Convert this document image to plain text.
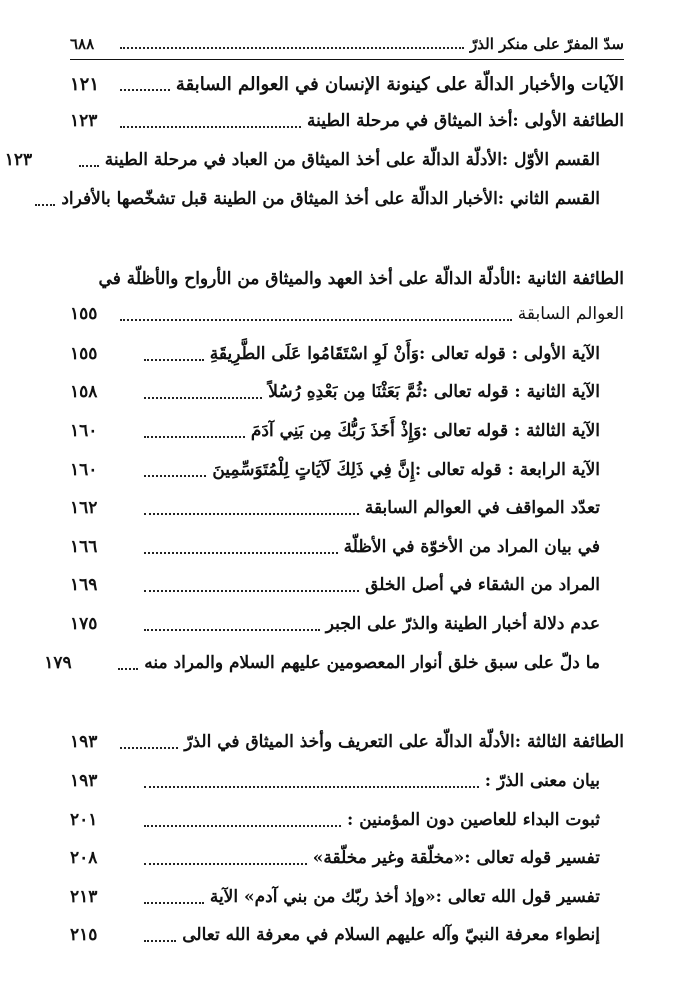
سدّ المفرّ على منكر الذرّ
٦٨٨
الآيات والأخبار الدالّة على كينونة الإنسان في العوالم السابقة
١٢١
الطائفة الأولى :أخذ الميثاق في مرحلة الطينة
١٢٣
القسم الأوّل :الأدلّة الدالّة على أخذ الميثاق من العباد في مرحلة الطينة
١٢٣
القسم الثاني :الأخبار الدالّة على أخذ الميثاق من الطينة قبل تشخّصها بالأفراد
الطائفة الثانية :الأدلّة الدالّة على أخذ العهد والميثاق من الأرواح والأظلّة في
العوالم السابقة
١٥٥
الآية الأولى : قوله تعالى :وَأَنْ لَوِ اسْتَقَامُوا عَلَى الطَّرِيقَةِ
١٥٥
الآية الثانية : قوله تعالى :ثُمَّ بَعَثْنَا مِن بَعْدِهِ رُسُلاً
١٥٨
الآية الثالثة : قوله تعالى :وَإِذْ أَخَذَ رَبُّكَ مِن بَنِي آدَمَ
١٦٠
الآية الرابعة : قوله تعالى :إِنَّ فِي ذَلِكَ لَآيَاتٍ لِلْمُتَوَسِّمِينَ
١٦٠
تعدّد المواقف في العوالم السابقة
١٦٢
في بيان المراد من الأخوّة في الأظلّة
١٦٦
المراد من الشقاء في أصل الخلق
١٦٩
عدم دلالة أخبار الطينة والذرّ على الجبر
١٧٥
ما دلّ على سبق خلق أنوار المعصومين عليهم السلام والمراد منه
١٧٩
الطائفة الثالثة :الأدلّة الدالّة على التعريف وأخذ الميثاق في الذرّ
١٩٣
بيان معنى الذرّ :
١٩٣
ثبوت البداء للعاصين دون المؤمنين :
٢٠١
تفسير قوله تعالى :«مخلّقة وغير مخلّقة»
٢٠٨
تفسير قول الله تعالى :«وإذ أخذ ربّك من بني آدم» الآية
٢١٣
إنطواء معرفة النبيّ وآله عليهم السلام في معرفة الله تعالى
٢١٥
